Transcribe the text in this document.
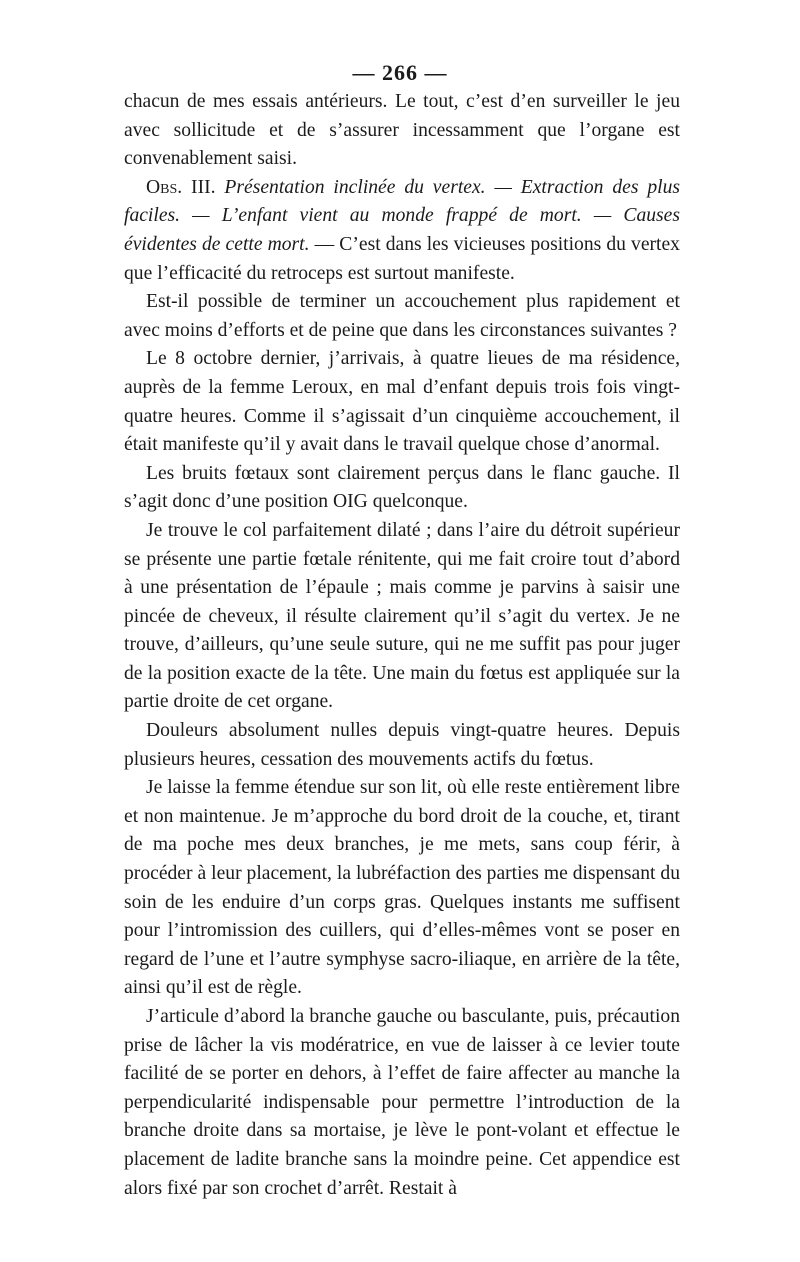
— 266 —

chacun de mes essais antérieurs. Le tout, c’est d’en surveiller le jeu avec sollicitude et de s’assurer incessamment que l’organe est convenablement saisi.

Obs. III. Présentation inclinée du vertex. — Extraction des plus faciles. — L’enfant vient au monde frappé de mort. — Causes évidentes de cette mort. — C’est dans les vicieuses positions du vertex que l’efficacité du retroceps est surtout manifeste.

Est-il possible de terminer un accouchement plus rapidement et avec moins d’efforts et de peine que dans les circonstances suivantes ?

Le 8 octobre dernier, j’arrivais, à quatre lieues de ma résidence, auprès de la femme Leroux, en mal d’enfant depuis trois fois vingt-quatre heures. Comme il s’agissait d’un cinquième accouchement, il était manifeste qu’il y avait dans le travail quelque chose d’anormal.

Les bruits fœtaux sont clairement perçus dans le flanc gauche. Il s’agit donc d’une position OIG quelconque.

Je trouve le col parfaitement dilaté ; dans l’aire du détroit supérieur se présente une partie fœtale rénitente, qui me fait croire tout d’abord à une présentation de l’épaule ; mais comme je parvins à saisir une pincée de cheveux, il résulte clairement qu’il s’agit du vertex. Je ne trouve, d’ailleurs, qu’une seule suture, qui ne me suffit pas pour juger de la position exacte de la tête. Une main du fœtus est appliquée sur la partie droite de cet organe.

Douleurs absolument nulles depuis vingt-quatre heures. Depuis plusieurs heures, cessation des mouvements actifs du fœtus.

Je laisse la femme étendue sur son lit, où elle reste entièrement libre et non maintenue. Je m’approche du bord droit de la couche, et, tirant de ma poche mes deux branches, je me mets, sans coup férir, à procéder à leur placement, la lubréfaction des parties me dispensant du soin de les enduire d’un corps gras. Quelques instants me suffisent pour l’intromission des cuillers, qui d’elles-mêmes vont se poser en regard de l’une et l’autre symphyse sacro-iliaque, en arrière de la tête, ainsi qu’il est de règle.

J’articule d’abord la branche gauche ou basculante, puis, précaution prise de lâcher la vis modératrice, en vue de laisser à ce levier toute facilité de se porter en dehors, à l’effet de faire affecter au manche la perpendicularité indispensable pour permettre l’introduction de la branche droite dans sa mortaise, je lève le pont-volant et effectue le placement de ladite branche sans la moindre peine. Cet appendice est alors fixé par son crochet d’arrêt. Restait à
